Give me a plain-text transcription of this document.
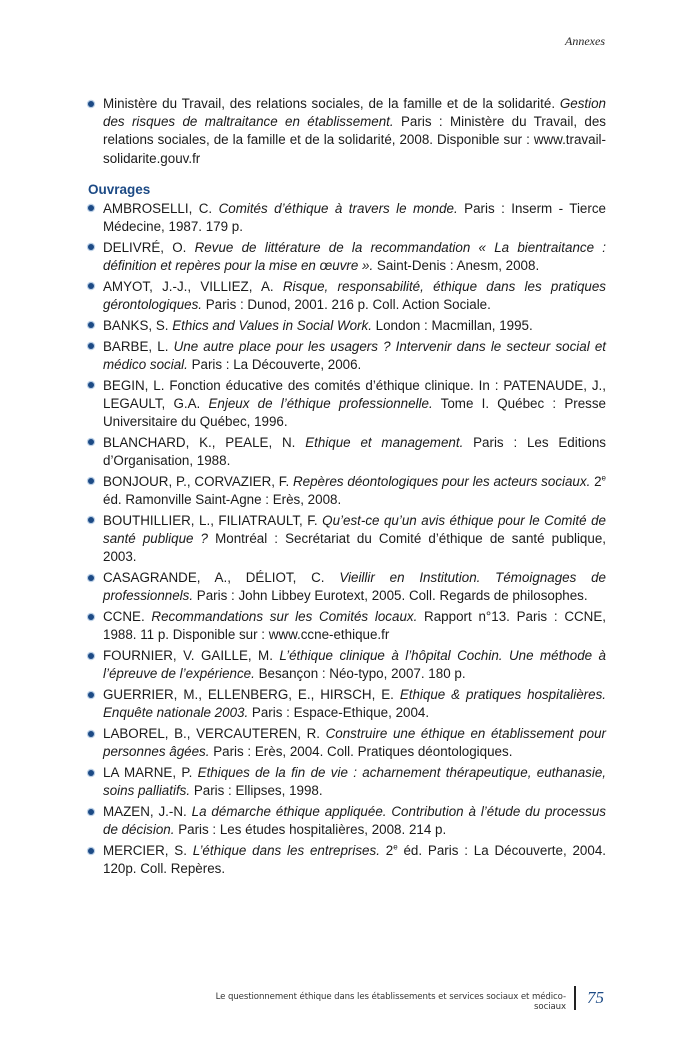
Annexes
Ministère du Travail, des relations sociales, de la famille et de la solidarité. Gestion des risques de maltraitance en établissement. Paris : Ministère du Travail, des relations sociales, de la famille et de la solidarité, 2008. Disponible sur : www.travail-solidarite.gouv.fr
Ouvrages
AMBROSELLI, C. Comités d’éthique à travers le monde. Paris : Inserm - Tierce Médecine, 1987. 179 p.
DELIVRÉ, O. Revue de littérature de la recommandation « La bientraitance : définition et repères pour la mise en œuvre ». Saint-Denis : Anesm, 2008.
AMYOT, J.-J., VILLIEZ, A. Risque, responsabilité, éthique dans les pratiques gérontologiques. Paris : Dunod, 2001. 216 p. Coll. Action Sociale.
BANKS, S. Ethics and Values in Social Work. London : Macmillan, 1995.
BARBE, L. Une autre place pour les usagers ? Intervenir dans le secteur social et médico social. Paris : La Découverte, 2006.
BEGIN, L. Fonction éducative des comités d’éthique clinique. In : PATENAUDE, J., LEGAULT, G.A. Enjeux de l’éthique professionnelle. Tome I. Québec : Presse Universitaire du Québec, 1996.
BLANCHARD, K., PEALE, N. Ethique et management. Paris : Les Editions d’Organisation, 1988.
BONJOUR, P., CORVAZIER, F. Repères déontologiques pour les acteurs sociaux. 2e éd. Ramonville Saint-Agne : Erès, 2008.
BOUTHILLIER, L., FILIATRAULT, F. Qu’est-ce qu’un avis éthique pour le Comité de santé publique ? Montréal : Secrétariat du Comité d’éthique de santé publique, 2003.
CASAGRANDE, A., DÉLIOT, C. Vieillir en Institution. Témoignages de professionnels. Paris : John Libbey Eurotext, 2005. Coll. Regards de philosophes.
CCNE. Recommandations sur les Comités locaux. Rapport n°13. Paris : CCNE, 1988. 11 p. Disponible sur : www.ccne-ethique.fr
FOURNIER, V. GAILLE, M. L’éthique clinique à l’hôpital Cochin. Une méthode à l’épreuve de l’expérience. Besançon : Néo-typo, 2007. 180 p.
GUERRIER, M., ELLENBERG, E., HIRSCH, E. Ethique & pratiques hospitalières. Enquête nationale 2003. Paris : Espace-Ethique, 2004.
LABOREL, B., VERCAUTEREN, R. Construire une éthique en établissement pour personnes âgées. Paris : Erès, 2004. Coll. Pratiques déontologiques.
LA MARNE, P. Ethiques de la fin de vie : acharnement thérapeutique, euthanasie, soins palliatifs. Paris : Ellipses, 1998.
MAZEN, J.-N. La démarche éthique appliquée. Contribution à l’étude du processus de décision. Paris : Les études hospitalières, 2008. 214 p.
MERCIER, S. L’éthique dans les entreprises. 2e éd. Paris : La Découverte, 2004. 120p. Coll. Repères.
Le questionnement éthique dans les établissements et services sociaux et médico-sociaux 75
